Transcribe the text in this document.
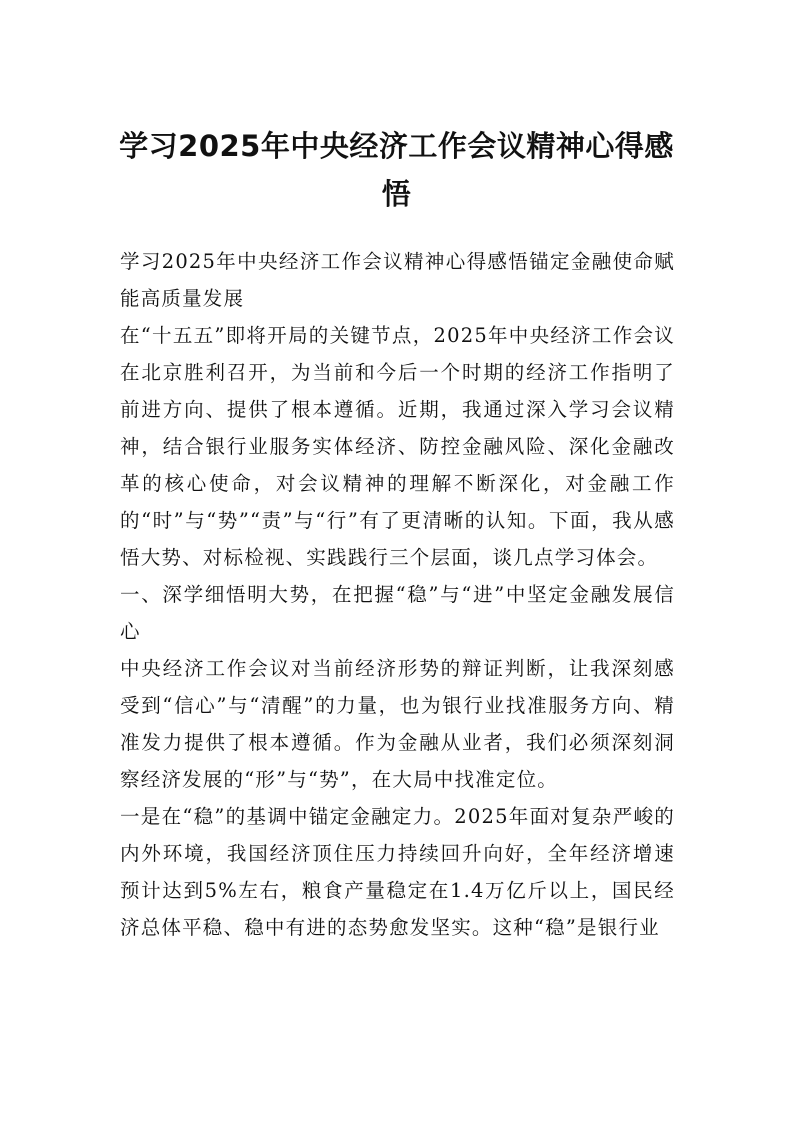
学习2025年中央经济工作会议精神心得感悟

学习2025年中央经济工作会议精神心得感悟锚定金融使命赋能高质量发展

在“十五五”即将开局的关键节点，2025年中央经济工作会议在北京胜利召开，为当前和今后一个时期的经济工作指明了前进方向、提供了根本遵循。近期，我通过深入学习会议精神，结合银行业服务实体经济、防控金融风险、深化金融改革的核心使命，对会议精神的理解不断深化，对金融工作的“时”与“势”“责”与“行”有了更清晰的认知。下面，我从感悟大势、对标检视、实践践行三个层面，谈几点学习体会。

一、深学细悟明大势，在把握“稳”与“进”中坚定金融发展信心

中央经济工作会议对当前经济形势的辩证判断，让我深刻感受到“信心”与“清醒”的力量，也为银行业找准服务方向、精准发力提供了根本遵循。作为金融从业者，我们必须深刻洞察经济发展的“形”与“势”，在大局中找准定位。

一是在“稳”的基调中锚定金融定力。2025年面对复杂严峻的内外环境，我国经济顶住压力持续回升向好，全年经济增速预计达到5%左右，粮食产量稳定在1.4万亿斤以上，国民经济总体平稳、稳中有进的态势愈发坚实。这种“稳”是银行业
